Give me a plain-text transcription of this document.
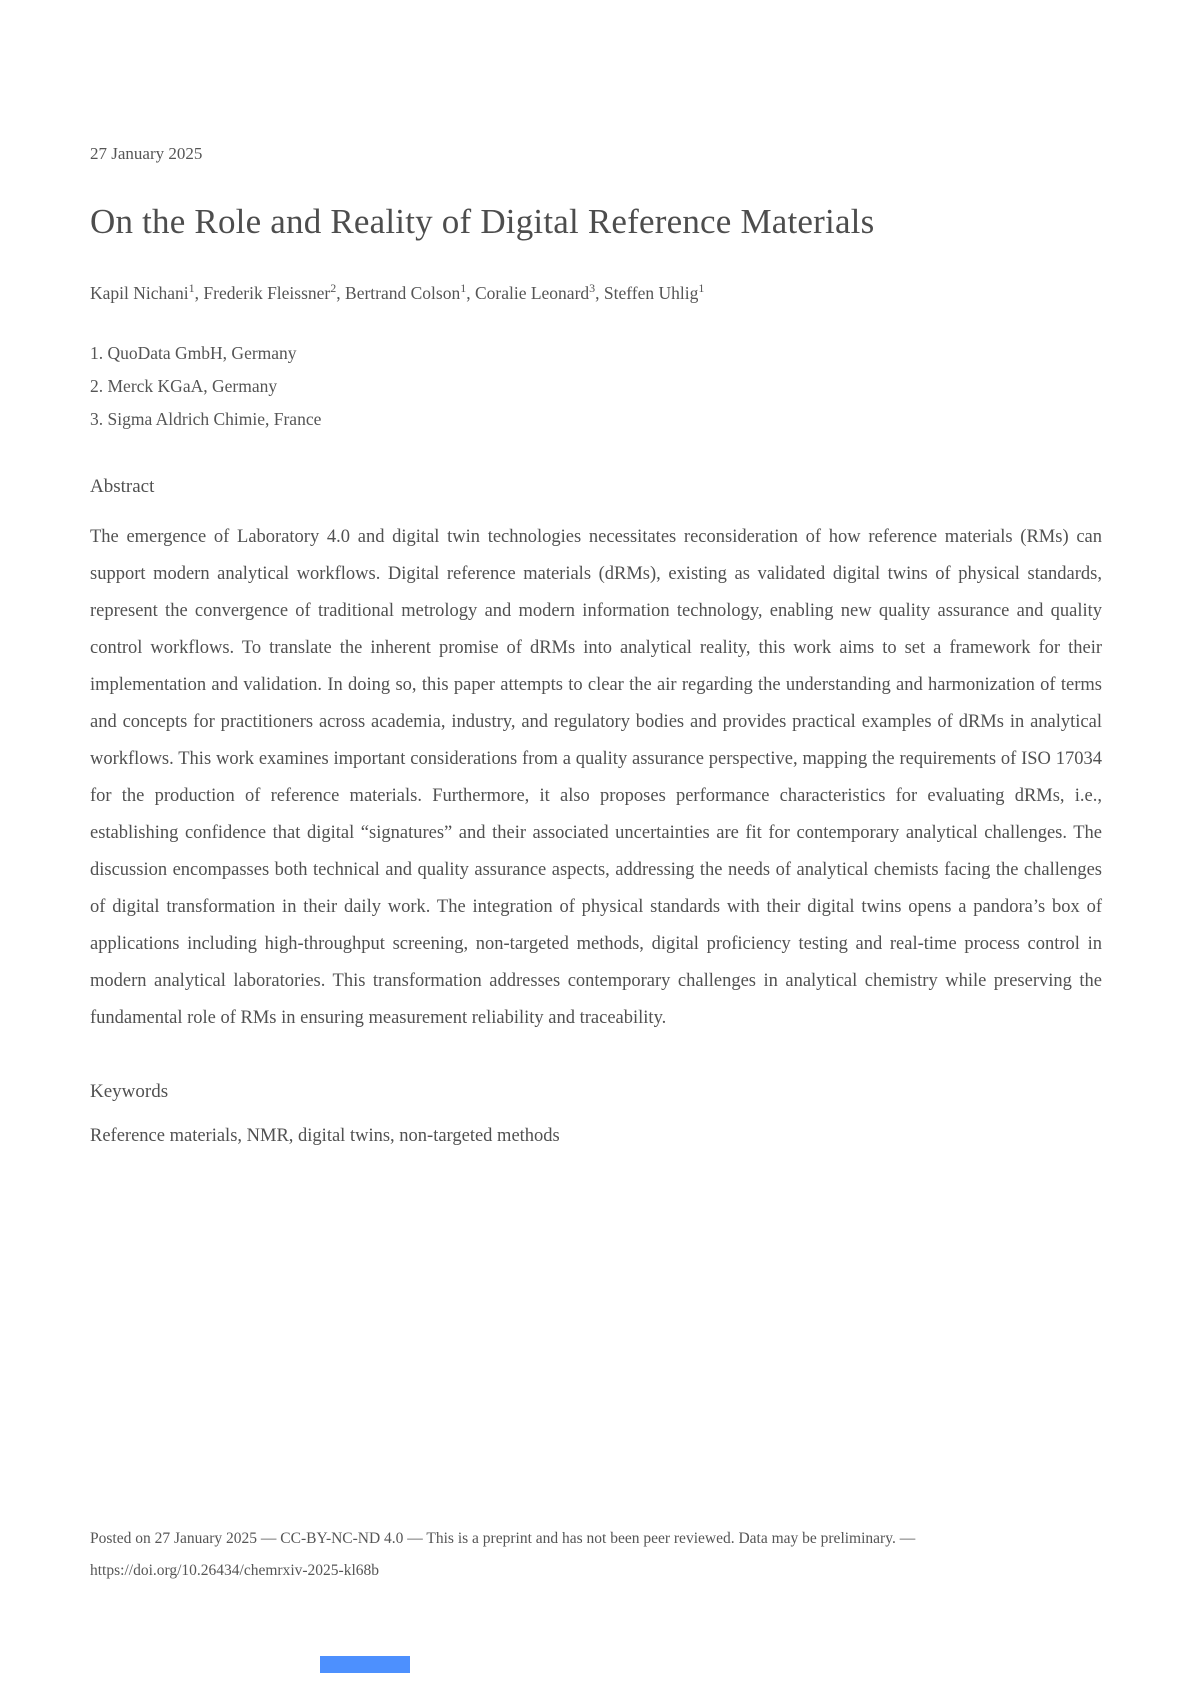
27 January 2025
On the Role and Reality of Digital Reference Materials
Kapil Nichani$^1$, Frederik Fleissner$^2$, Bertrand Colson$^1$, Coralie Leonard$^3$, Steffen Uhlig$^1$
1. QuoData GmbH, Germany
2. Merck KGaA, Germany
3. Sigma Aldrich Chimie, France
Abstract

The emergence of Laboratory 4.0 and digital twin technologies necessitates reconsideration of how reference materials (RMs) can support modern analytical workflows. Digital reference materials (dRMs), existing as validated digital twins of physical standards, represent the convergence of traditional metrology and modern information technology, enabling new quality assurance and quality control workflows. To translate the inherent promise of dRMs into analytical reality, this work aims to set a framework for their implementation and validation. In doing so, this paper attempts to clear the air regarding the understanding and harmonization of terms and concepts for practitioners across academia, industry, and regulatory bodies and provides practical examples of dRMs in analytical workflows. This work examines important considerations from a quality assurance perspective, mapping the requirements of ISO 17034 for the production of reference materials. Furthermore, it also proposes performance characteristics for evaluating dRMs, i.e., establishing confidence that digital “signatures” and their associated uncertainties are fit for contemporary analytical challenges. The discussion encompasses both technical and quality assurance aspects, addressing the needs of analytical chemists facing the challenges of digital transformation in their daily work. The integration of physical standards with their digital twins opens a pandora’s box of applications including high-throughput screening, non-targeted methods, digital proficiency testing and real-time process control in modern analytical laboratories. This transformation addresses contemporary challenges in analytical chemistry while preserving the fundamental role of RMs in ensuring measurement reliability and traceability.

Keywords
Reference materials, NMR, digital twins, non-targeted methods
Posted on 27 January 2025 — CC-BY-NC-ND 4.0 — This is a preprint and has not been peer reviewed. Data may be preliminary. —
https://doi.org/10.26434/chemrxiv-2025-kl68b
